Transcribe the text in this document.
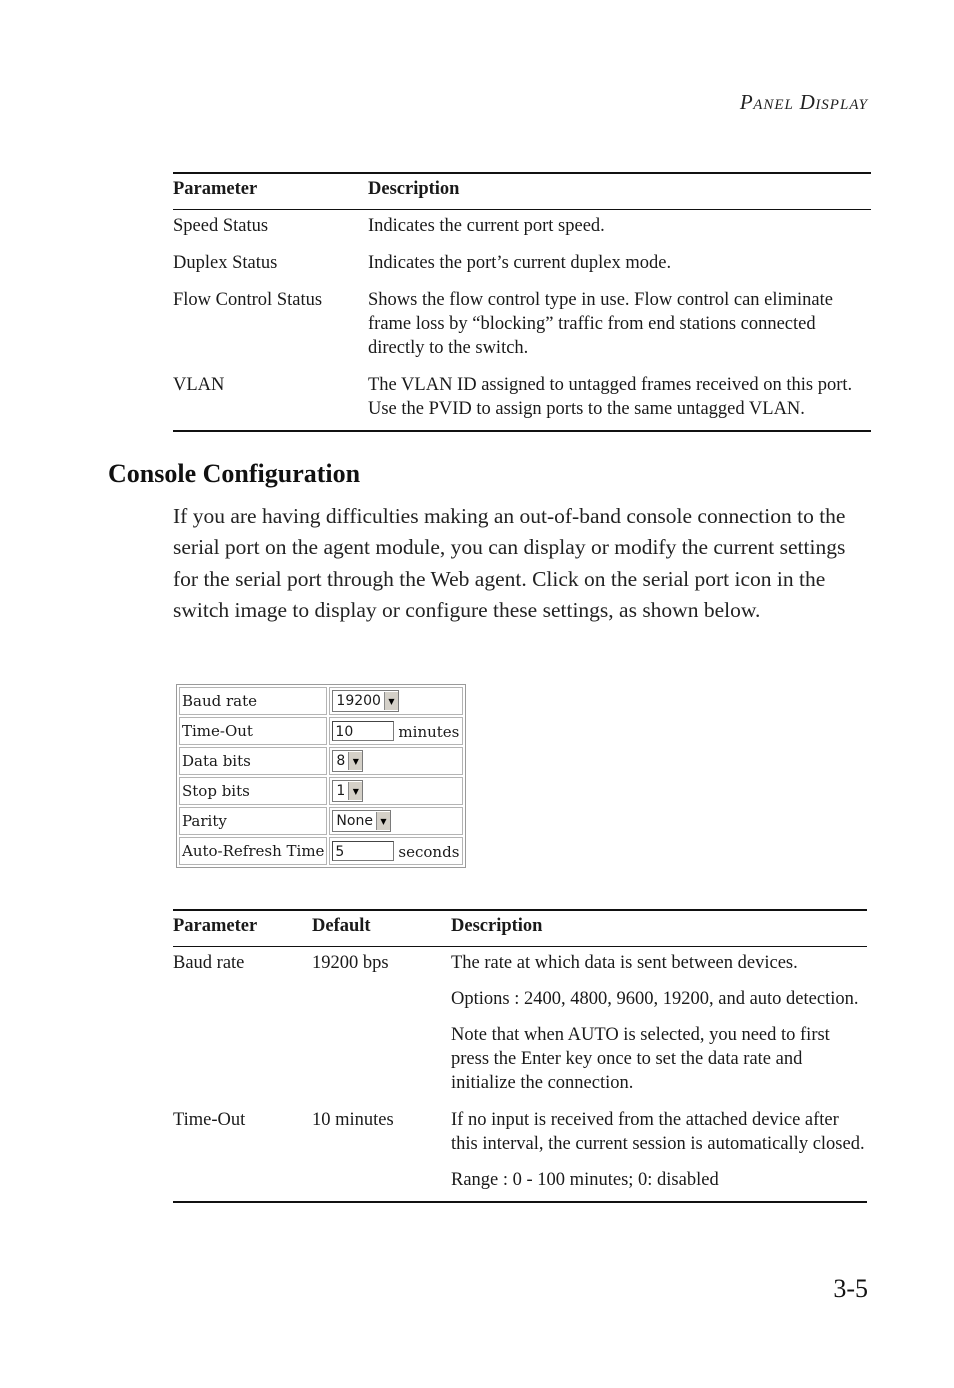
PANEL DISPLAY
Parameter	Description
Speed Status	Indicates the current port speed.
Duplex Status	Indicates the port’s current duplex mode.
Flow Control Status	Shows the flow control type in use. Flow control can eliminate frame loss by “blocking” traffic from end stations connected directly to the switch.
VLAN	The VLAN ID assigned to untagged frames received on this port. Use the PVID to assign ports to the same untagged VLAN.
Console Configuration

If you are having difficulties making an out-of-band console connection to the serial port on the agent module, you can display or modify the current settings for the serial port through the Web agent. Click on the serial port icon in the switch image to display or configure these settings, as shown below.

Baud rate	19200 ▼

Time-Out	10 minutes
Data bits	8 ▼

Stop bits	1 ▼

Parity	None ▼

Auto-Refresh Time	5 seconds
Parameter	Default	Description
Baud rate	19200 bps	The rate at which data is sent between devices.

Options : 2400, 4800, 9600, 19200, and auto detection.

Note that when AUTO is selected, you need to first press the Enter key once to set the data rate and initialize the connection.

Time-Out	10 minutes	If no input is received from the attached device after this interval, the current session is automatically closed.

Range : 0 - 100 minutes; 0: disabled

3-5
